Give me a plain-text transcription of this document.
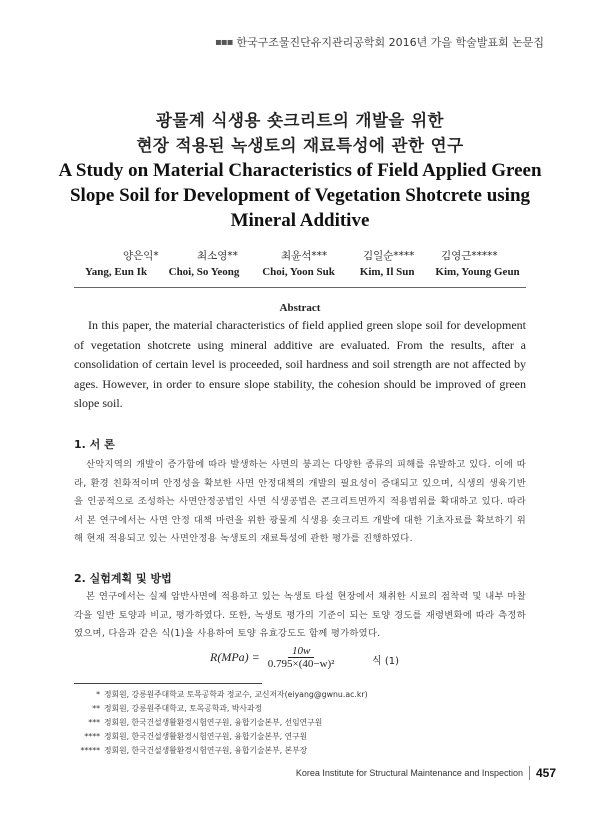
▪▪▪ 한국구조물진단유지관리공학회 2016년 가을 학술발표회 논문집
광물계 식생용 숏크리트의 개발을 위한
현장 적용된 녹생토의 재료특성에 관한 연구
A Study on Material Characteristics of Field Applied Green Slope Soil for Development of Vegetation Shotcrete using Mineral Additive
양은익*	최소영**	최윤석***	김일순****	김영근*****
Yang, Eun Ik	Choi, So Yeong	Choi, Yoon Suk	Kim, Il Sun	Kim, Young Geun
Abstract
In this paper, the material characteristics of field applied green slope soil for development of vegetation shotcrete using mineral additive are evaluated. From the results, after a consolidation of certain level is proceeded, soil hardness and soil strength are not affected by ages. However, in order to ensure slope stability, the cohesion should be improved of green slope soil.
1. 서 론
산악지역의 개발이 증가함에 따라 발생하는 사면의 붕괴는 다양한 종류의 피해를 유발하고 있다. 이에 따라, 환경 친화적이며 안정성을 확보한 사면 안정대책의 개발의 필요성이 증대되고 있으며, 식생의 생육기반을 인공적으로 조성하는 사면안정공법인 사면 식생공법은 콘크리트면까지 적용범위를 확대하고 있다. 따라서 본 연구에서는 사면 안정 대책 마련을 위한 광물계 식생용 숏크리트 개발에 대한 기초자료를 확보하기 위해 현재 적용되고 있는 사면안정용 녹생토의 재료특성에 관한 평가를 진행하였다.
2. 실험계획 및 방법
본 연구에서는 실제 암반사면에 적용하고 있는 녹생토 타설 현장에서 채취한 시료의 점착력 및 내부 마찰각을 일반 토양과 비교, 평가하였다. 또한, 녹생토 평가의 기준이 되는 토양 경도를 재령변화에 따라 측정하였으며, 다음과 같은 식(1)을 사용하여 토양 유효강도도 함께 평가하였다.
$R(MPa) = \frac{10w}{\text{0.795×(40−w)²}}$	식 (1)
* 정회원, 강릉원주대학교 토목공학과 정교수, 교신저자(eiyang@gwnu.ac.kr)
** 정회원, 강릉원주대학교, 토목공학과, 박사과정
*** 정회원, 한국건설생활환경시험연구원, 융합기술본부, 선임연구원
**** 정회원, 한국건설생활환경시험연구원, 융합기술본부, 연구원
***** 정회원, 한국건설생활환경시험연구원, 융합기술본부, 본부장
Korea Institute for Structural Maintenance and Inspection 457
